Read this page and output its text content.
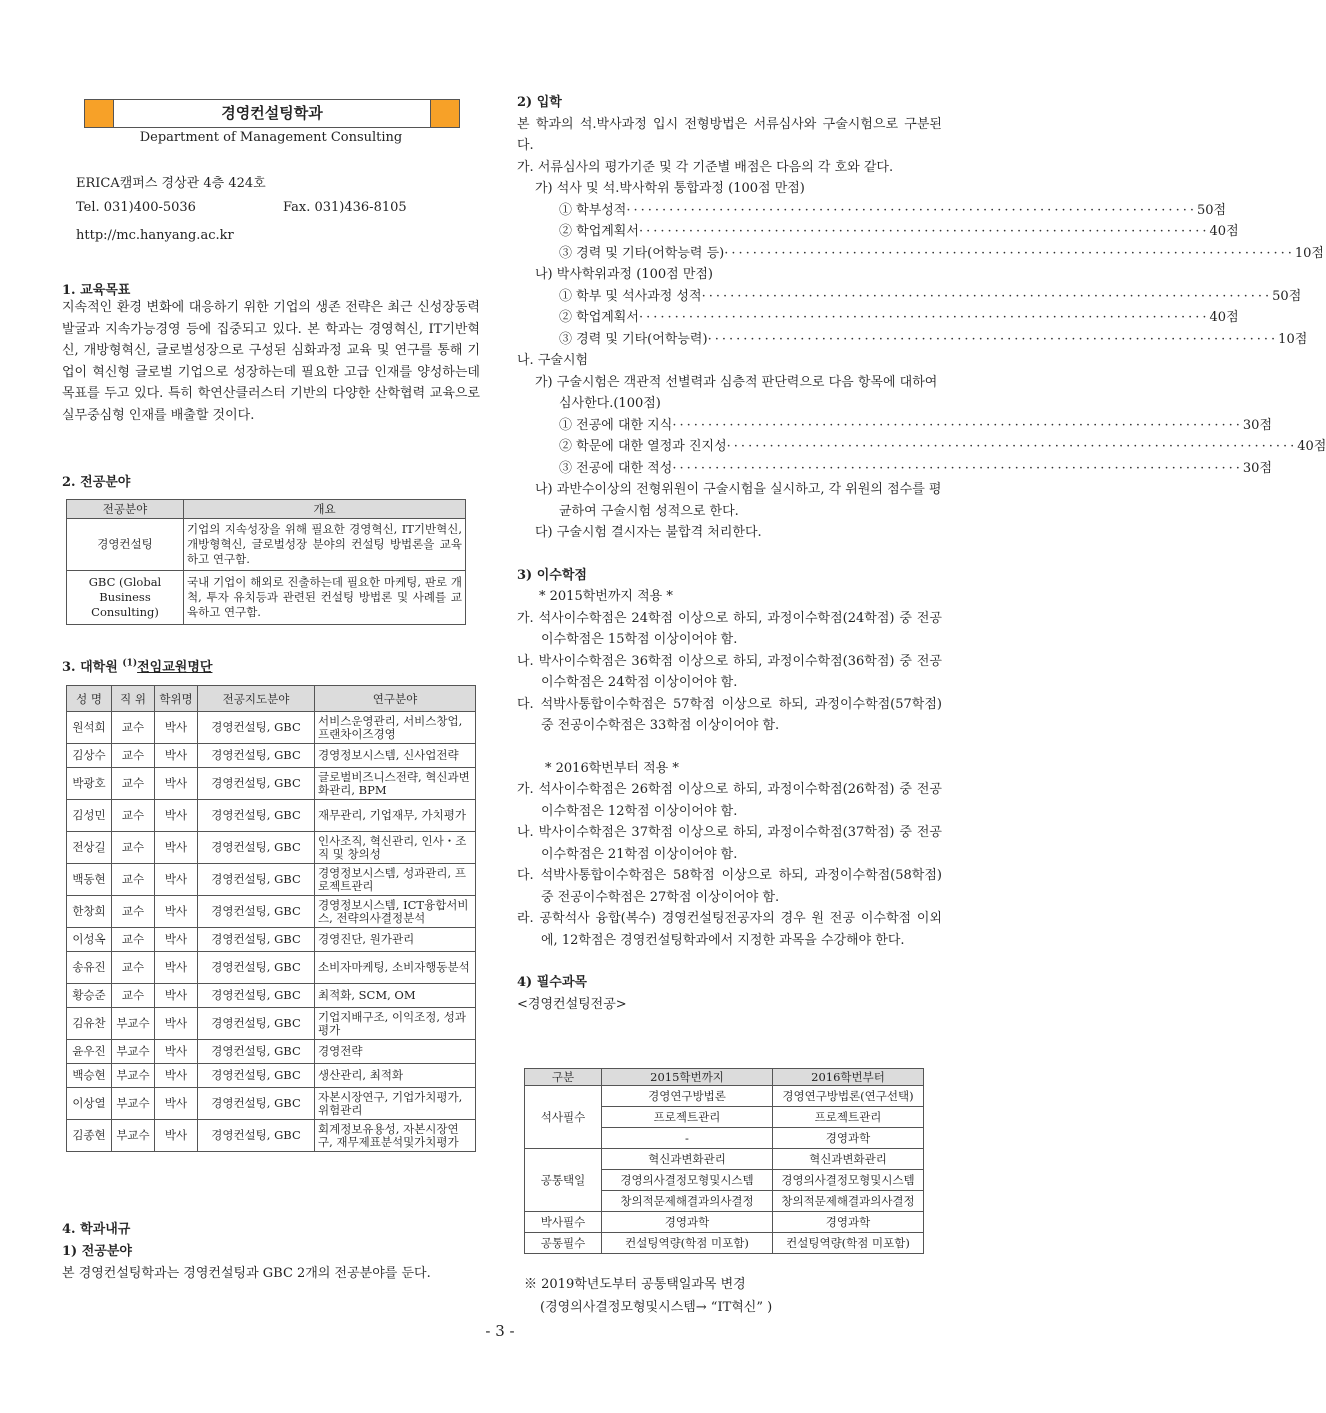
경영컨설팅학과
Department of Management Consulting
ERICA캠퍼스 경상관 4층 424호
Tel. 031)400-5036	Fax. 031)436-8105
http://mc.hanyang.ac.kr
1. 교육목표
지속적인 환경 변화에 대응하기 위한 기업의 생존 전략은 최근 신성장동력 발굴과 지속가능경영 등에 집중되고 있다. 본 학과는 경영혁신, IT기반혁신, 개방형혁신, 글로벌성장으로 구성된 심화과정 교육 및 연구를 통해 기업이 혁신형 글로벌 기업으로 성장하는데 필요한 고급 인재를 양성하는데 목표를 두고 있다. 특히 학연산클러스터 기반의 다양한 산학협력 교육으로 실무중심형 인재를 배출할 것이다.
2. 전공분야
전공분야	개요
경영컨설팅	기업의 지속성장을 위해 필요한 경영혁신, IT기반혁신, 개방형혁신, 글로벌성장 분야의 컨설팅 방법론을 교육하고 연구함.
GBC (Global Business Consulting)	국내 기업이 해외로 진출하는데 필요한 마케팅, 판로 개척, 투자 유치등과 관련된 컨설팅 방법론 및 사례를 교육하고 연구함.
3. 대학원 $^{(1)}$전임교원명단
성 명	직 위	학위명	전공지도분야	연구분야
원석희	교수	박사	경영컨설팅, GBC	서비스운영관리, 서비스창업, 프랜차이즈경영
김상수	교수	박사	경영컨설팅, GBC	경영정보시스템, 신사업전략
박광호	교수	박사	경영컨설팅, GBC	글로벌비즈니스전략, 혁신과변화관리, BPM
김성민	교수	박사	경영컨설팅, GBC	재무관리, 기업재무, 가치평가
전상길	교수	박사	경영컨설팅, GBC	인사조직, 혁신관리, 인사・조직 및 창의성
백동현	교수	박사	경영컨설팅, GBC	경영정보시스템, 성과관리, 프로젝트관리
한창희	교수	박사	경영컨설팅, GBC	경영정보시스템, ICT융합서비스, 전략의사결정분석
이성옥	교수	박사	경영컨설팅, GBC	경영진단, 원가관리
송유진	교수	박사	경영컨설팅, GBC	소비자마케팅, 소비자행동분석
황승준	교수	박사	경영컨설팅, GBC	최적화, SCM, OM
김유찬	부교수	박사	경영컨설팅, GBC	기업지배구조, 이익조정, 성과평가
윤우진	부교수	박사	경영컨설팅, GBC	경영전략
백승현	부교수	박사	경영컨설팅, GBC	생산관리, 최적화
이상열	부교수	박사	경영컨설팅, GBC	자본시장연구, 기업가치평가, 위험관리
김종현	부교수	박사	경영컨설팅, GBC	회계정보유용성, 자본시장연구, 재무제표분석및가치평가
4. 학과내규
1) 전공분야
본 경영컨설팅학과는 경영컨설팅과 GBC 2개의 전공분야를 둔다.
2) 입학
본 학과의 석.박사과정 입시 전형방법은 서류심사와 구술시험으로 구분된다.
가. 서류심사의 평가기준 및 각 기준별 배점은 다음의 각 호와 같다.
가) 석사 및 석.박사학위 통합과정 (100점 만점)
① 학부성적 ················································································ 50점
② 학업계획서 ················································································ 40점
③ 경력 및 기타(어학능력 등) ················································································ 10점
나) 박사학위과정 (100점 만점)
① 학부 및 석사과정 성적 ················································································ 50점
② 학업계획서 ················································································ 40점
③ 경력 및 기타(어학능력) ················································································ 10점
나. 구술시험
가) 구술시험은 객관적 선별력과 심층적 판단력으로 다음 항목에 대하여 심사한다.(100점)
① 전공에 대한 지식 ················································································ 30점
② 학문에 대한 열정과 진지성 ················································································ 40점
③ 전공에 대한 적성 ················································································ 30점
나) 과반수이상의 전형위원이 구술시험을 실시하고, 각 위원의 점수를 평균하여 구술시험 성적으로 한다.
다) 구술시험 결시자는 불합격 처리한다.
3) 이수학점
* 2015학번까지 적용 *
가. 석사이수학점은 24학점 이상으로 하되, 과정이수학점(24학점) 중 전공이수학점은 15학점 이상이어야 함.
나. 박사이수학점은 36학점 이상으로 하되, 과정이수학점(36학점) 중 전공이수학점은 24학점 이상이어야 함.
다. 석박사통합이수학점은 57학점 이상으로 하되, 과정이수학점(57학점) 중 전공이수학점은 33학점 이상이어야 함.
* 2016학번부터 적용 *
가. 석사이수학점은 26학점 이상으로 하되, 과정이수학점(26학점) 중 전공이수학점은 12학점 이상이어야 함.
나. 박사이수학점은 37학점 이상으로 하되, 과정이수학점(37학점) 중 전공이수학점은 21학점 이상이어야 함.
다. 석박사통합이수학점은 58학점 이상으로 하되, 과정이수학점(58학점) 중 전공이수학점은 27학점 이상이어야 함.
라. 공학석사 융합(복수) 경영컨설팅전공자의 경우 원 전공 이수학점 이외에, 12학점은 경영컨설팅학과에서 지정한 과목을 수강해야 한다.
4) 필수과목
<경영컨설팅전공>
구분	2015학번까지	2016학번부터
석사필수	경영연구방법론	경영연구방법론(연구선택)
	프로젝트관리	프로젝트관리
	-	경영과학
공통택일	혁신과변화관리	혁신과변화관리
	경영의사결정모형및시스템	경영의사결정모형및시스템
	창의적문제해결과의사결정	창의적문제해결과의사결정
박사필수	경영과학	경영과학
공통필수	컨설팅역량(학점 미포함)	컨설팅역량(학점 미포함)
※ 2019학년도부터 공통택일과목 변경
(경영의사결정모형및시스템→ “IT혁신” )
- 3 -
